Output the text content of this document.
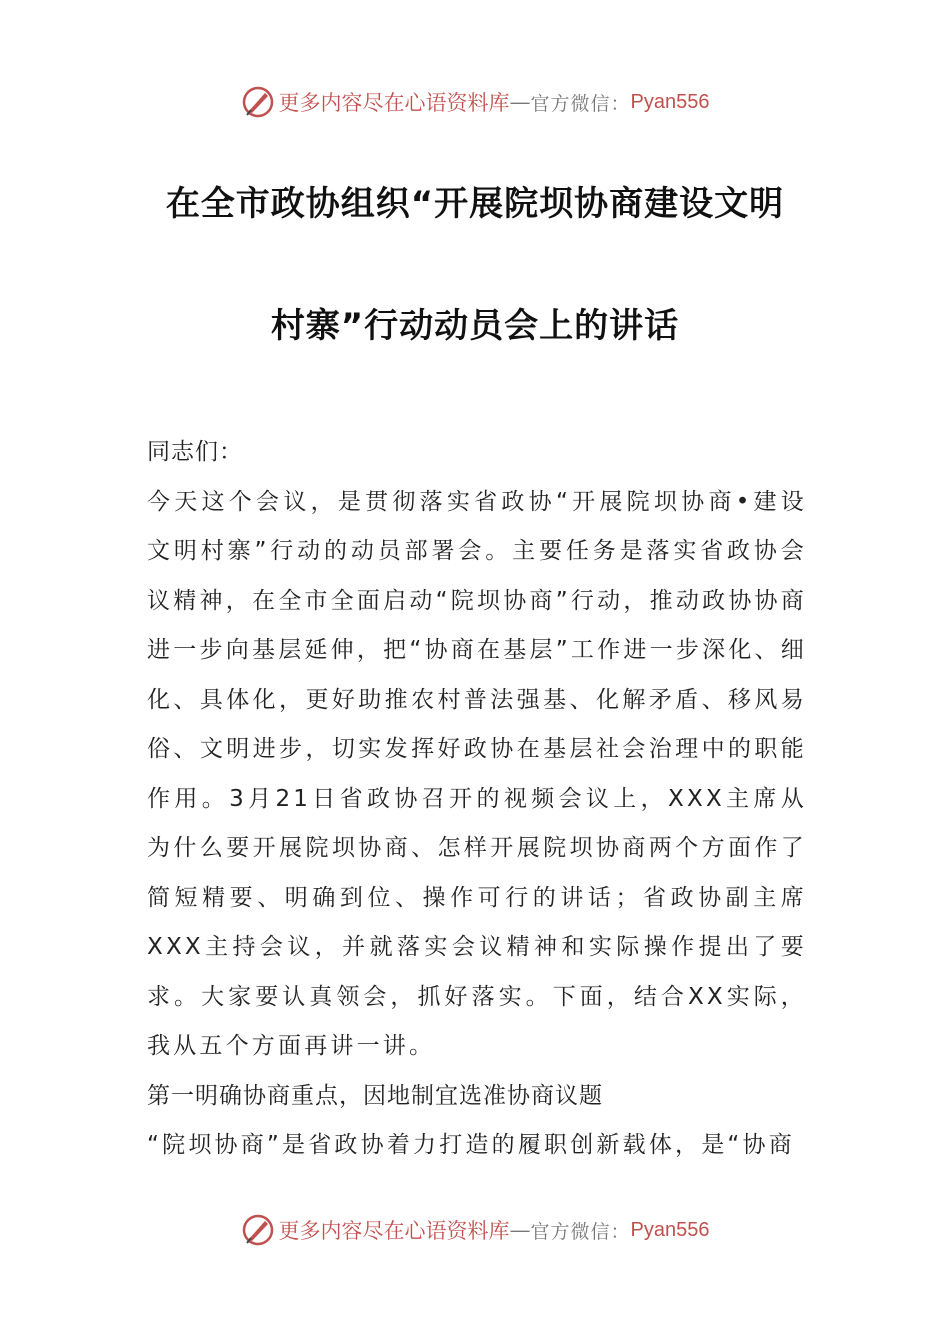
更多内容尽在心语资料库 — 官方微信： Pyan556
在全市政协组织“开展院坝协商建设文明
村寨”行动动员会上的讲话

同志们：

今天这个会议，是贯彻落实省政协“开展院坝协商•建设文明村寨”行动的动员部署会。主要任务是落实省政协会议精神，在全市全面启动“院坝协商”行动，推动政协协商进一步向基层延伸，把“协商在基层”工作进一步深化、细化、具体化，更好助推农村普法强基、化解矛盾、移风易俗、文明进步，切实发挥好政协在基层社会治理中的职能作用。3月21日省政协召开的视频会议上，XXX主席从为什么要开展院坝协商、怎样开展院坝协商两个方面作了简短精要、明确到位、操作可行的讲话；省政协副主席XXX主持会议，并就落实会议精神和实际操作提出了要求。大家要认真领会，抓好落实。下面，结合XX实际，我从五个方面再讲一讲。

第一明确协商重点，因地制宜选准协商议题

“院坝协商”是省政协着力打造的履职创新载体，是“协商

更多内容尽在心语资料库 — 官方微信： Pyan556
